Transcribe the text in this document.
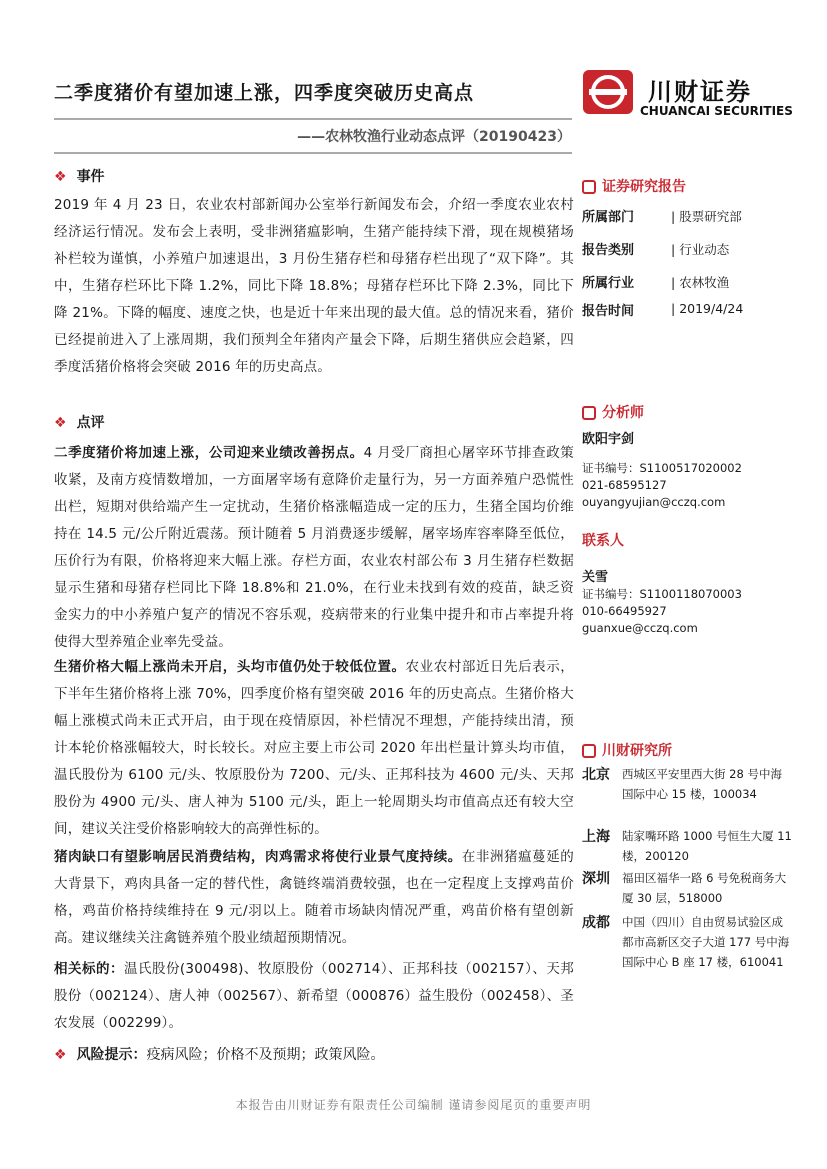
二季度猪价有望加速上涨，四季度突破历史高点
——农林牧渔行业动态点评（20190423）
川财证券
CHUANCAI SECURITIES
❖ 事件
2019 年 4 月 23 日，农业农村部新闻办公室举行新闻发布会，介绍一季度农业农村经济运行情况。发布会上表明，受非洲猪瘟影响，生猪产能持续下滑，现在规模猪场补栏较为谨慎，小养殖户加速退出，3 月份生猪存栏和母猪存栏出现了“双下降”。其中，生猪存栏环比下降 1.2%，同比下降 18.8%；母猪存栏环比下降 2.3%，同比下降 21%。下降的幅度、速度之快，也是近十年来出现的最大值。总的情况来看，猪价已经提前进入了上涨周期，我们预判全年猪肉产量会下降，后期生猪供应会趋紧，四季度活猪价格将会突破 2016 年的历史高点。
❖ 点评
二季度猪价将加速上涨，公司迎来业绩改善拐点。4 月受厂商担心屠宰环节排查政策收紧，及南方疫情数增加，一方面屠宰场有意降价走量行为，另一方面养殖户恐慌性出栏，短期对供给端产生一定扰动，生猪价格涨幅造成一定的压力，生猪全国均价维持在 14.5 元/公斤附近震荡。预计随着 5 月消费逐步缓解，屠宰场库容率降至低位，压价行为有限，价格将迎来大幅上涨。存栏方面，农业农村部公布 3 月生猪存栏数据显示生猪和母猪存栏同比下降 18.8%和 21.0%，在行业未找到有效的疫苗，缺乏资金实力的中小养殖户复产的情况不容乐观，疫病带来的行业集中提升和市占率提升将使得大型养殖企业率先受益。
生猪价格大幅上涨尚未开启，头均市值仍处于较低位置。农业农村部近日先后表示，下半年生猪价格将上涨 70%，四季度价格有望突破 2016 年的历史高点。生猪价格大幅上涨模式尚未正式开启，由于现在疫情原因，补栏情况不理想，产能持续出清，预计本轮价格涨幅较大，时长较长。对应主要上市公司 2020 年出栏量计算头均市值，温氏股份为 6100 元/头、牧原股份为 7200、元/头、正邦科技为 4600 元/头、天邦股份为 4900 元/头、唐人神为 5100 元/头，距上一轮周期头均市值高点还有较大空间，建议关注受价格影响较大的高弹性标的。
猪肉缺口有望影响居民消费结构，肉鸡需求将使行业景气度持续。在非洲猪瘟蔓延的大背景下，鸡肉具备一定的替代性，禽链终端消费较强，也在一定程度上支撑鸡苗价格，鸡苗价格持续维持在 9 元/羽以上。随着市场缺肉情况严重，鸡苗价格有望创新高。建议继续关注禽链养殖个股业绩超预期情况。
相关标的：温氏股份(300498)、牧原股份（002714）、正邦科技（002157）、天邦股份（002124）、唐人神（002567）、新希望（000876）益生股份（002458）、圣农发展（002299）。
❖ 风险提示：疫病风险；价格不及预期；政策风险。
证券研究报告
所属部门	| 股票研究部
报告类别	| 行业动态
所属行业	| 农林牧渔
报告时间	| 2019/4/24
分析师
欧阳宇剑
证书编号：S1100517020002
021-68595127
ouyangyujian@cczq.com
联系人
关雪
证书编号：S1100118070003
010-66495927
guanxue@cczq.com
川财研究所
北京 西城区平安里西大街 28 号中海国际中心 15 楼，100034
上海 陆家嘴环路 1000 号恒生大厦 11 楼，200120
深圳 福田区福华一路 6 号免税商务大厦 30 层，518000
成都 中国（四川）自由贸易试验区成都市高新区交子大道 177 号中海国际中心 B 座 17 楼，610041
本报告由川财证券有限责任公司编制 谨请参阅尾页的重要声明
